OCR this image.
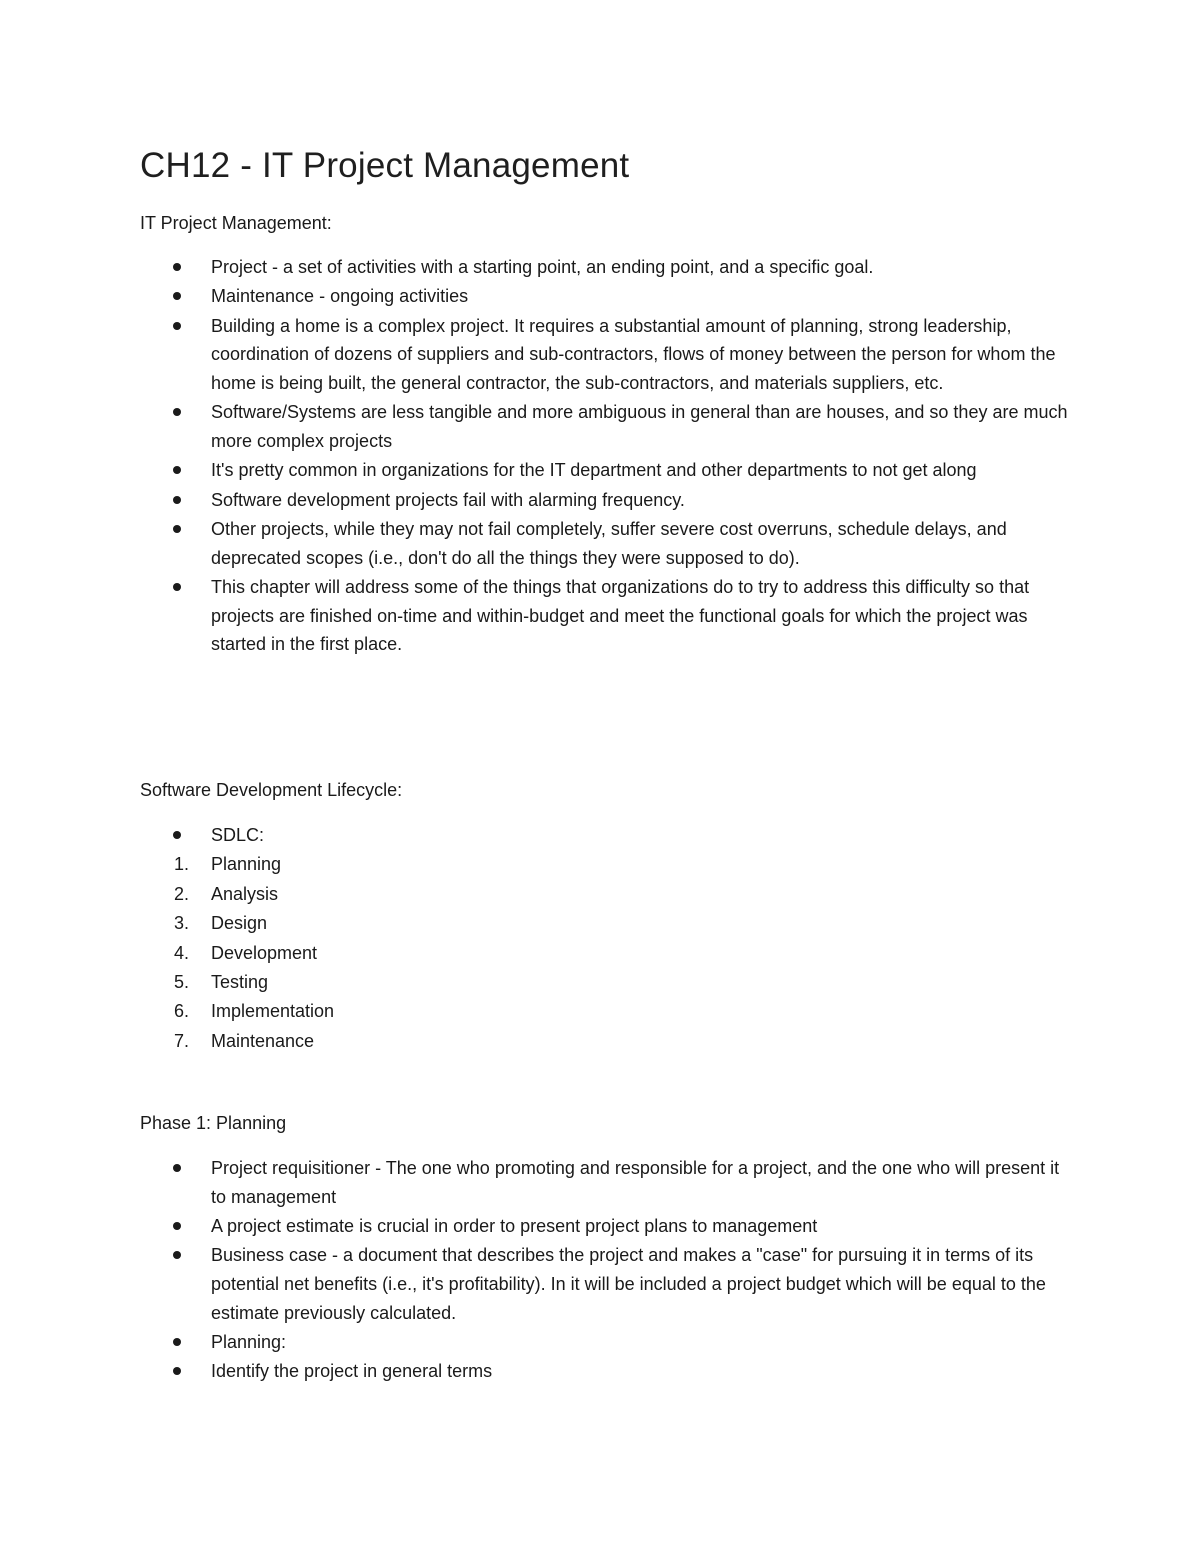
CH12 - IT Project Management
IT Project Management:
Project - a set of activities with a starting point, an ending point, and a specific goal.
Maintenance - ongoing activities
Building a home is a complex project. It requires a substantial amount of planning, strong leadership, coordination of dozens of suppliers and sub-contractors, flows of money between the person for whom the home is being built, the general contractor, the sub-contractors, and materials suppliers, etc.
Software/Systems are less tangible and more ambiguous in general than are houses, and so they are much more complex projects
It's pretty common in organizations for the IT department and other departments to not get along
Software development projects fail with alarming frequency.
Other projects, while they may not fail completely, suffer severe cost overruns, schedule delays, and deprecated scopes (i.e., don't do all the things they were supposed to do).
This chapter will address some of the things that organizations do to try to address this difficulty so that projects are finished on-time and within-budget and meet the functional goals for which the project was started in the first place.
Software Development Lifecycle:
SDLC:
1. Planning
2. Analysis
3. Design
4. Development
5. Testing
6. Implementation
7. Maintenance
Phase 1: Planning
Project requisitioner - The one who promoting and responsible for a project, and the one who will present it to management
A project estimate is crucial in order to present project plans to management
Business case - a document that describes the project and makes a "case" for pursuing it in terms of its potential net benefits (i.e., it's profitability). In it will be included a project budget which will be equal to the estimate previously calculated.
Planning:
Identify the project in general terms
